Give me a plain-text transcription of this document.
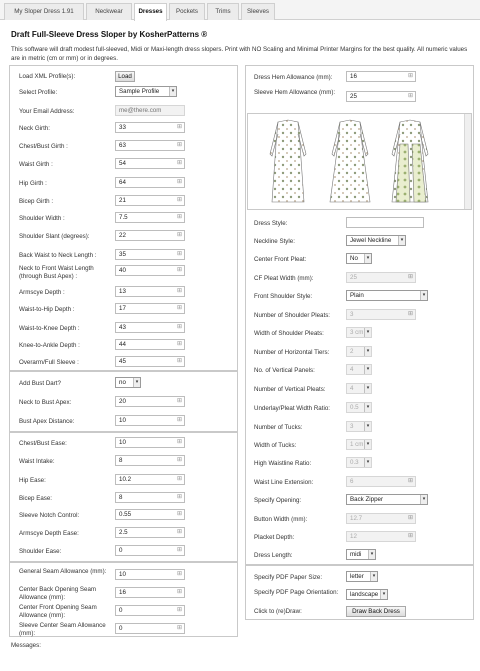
My Sloper Dress 1.91	Neckwear	Dresses	Pockets	Trims	Sleeves
Draft Full-Sleeve Dress Sloper by KosherPatterns ®
This software will draft modest full-sleeved, Midi or Maxi-length dress slopers. Print with NO Scaling and Minimal Printer Margins for the best quality. All numeric values are in metric (cm or mm) or in degrees.
Load XML Profile(s):	Load
Select Profile:	Sample Profile	▾
Your Email Address:
me@there.com
Neck Girth:	33 ⊞
Chest/Bust Girth :	63 ⊞
Waist Girth :	54 ⊞
Hip Girth :	64 ⊞
Bicep Girth :	21 ⊞
Shoulder Width :	7.5 ⊞
Shoulder Slant (degrees):	22 ⊞
Back Waist to Neck Length :	35 ⊞
Neck to Front Waist Length (through Bust Apex) :
40 ⊞
Armscye Depth :	13 ⊞
Waist-to-Hip Depth :	17 ⊞
Waist-to-Knee Depth :	43 ⊞
Knee-to-Ankle Depth :	44 ⊞
Overarm/Full Sleeve :	45 ⊞
Add Bust Dart?	no	▾
Neck to Bust Apex:	20 ⊞
Bust Apex Distance:	10 ⊞
Chest/Bust Ease:	10 ⊞
Waist Intake:	8 ⊞
Hip Ease:	10.2 ⊞
Bicep Ease:	8 ⊞
Sleeve Notch Control:	0.55 ⊞
Armscye Depth Ease:	2.5 ⊞
Shoulder Ease:	0 ⊞
General Seam Allowance (mm):	10 ⊞
Center Back Opening Seam Allowance (mm):
16 ⊞
Center Front Opening Seam Allowance (mm):
0 ⊞
Sleeve Center Seam Allowance (mm):
0 ⊞
Dress Hem Allowance (mm):	16 ⊞
Sleeve Hem Allowance (mm):
25 ⊞
Dress Style:
Neckline Style:	Jewel Neckline	▾
Center Front Pleat:	No	▾
CF Pleat Width (mm):	25 ⊞
Front Shoulder Style:	Plain	▾
Number of Shoulder Pleats:	3 ⊞
Width of Shoulder Pleats:	3 cm ▾
Number of Horizontal Tiers:	2	▾
No. of Vertical Panels:	4	▾
Number of Vertical Pleats:	4	▾
Underlay/Pleat Width Ratio:	0.5	▾
Number of Tucks:	3	▾
Width of Tucks:	1 cm ▾
High Waistline Ratio:	0.3	▾
Waist Line Extension:	6 ⊞
Specify Opening:	Back Zipper	▾
Button Width (mm):	12.7 ⊞
Placket Depth:	12 ⊞
Dress Length:	midi	▾
Specify PDF Paper Size:	letter	▾
Specify PDF Page Orientation:	landscape ▾
Click to (re)Draw:	Draw Back Dress
Messages:
